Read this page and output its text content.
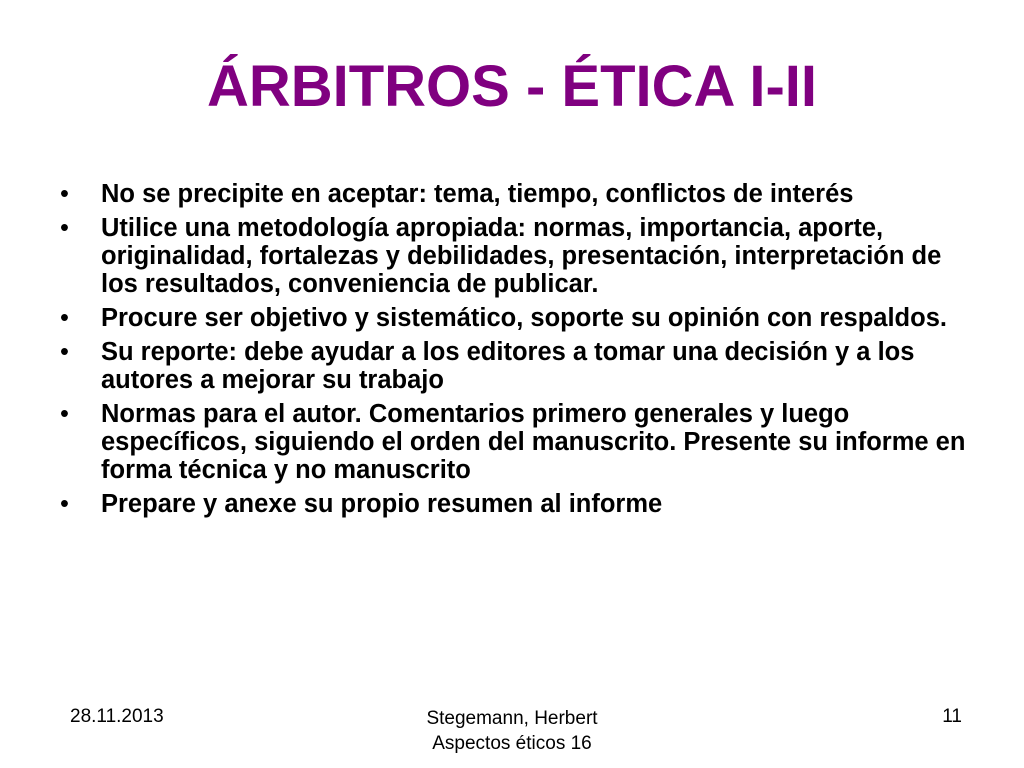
ÁRBITROS - ÉTICA I-II
• No se precipite en aceptar: tema, tiempo, conflictos de interés
• Utilice una metodología apropiada: normas, importancia, aporte, originalidad, fortalezas y debilidades, presentación, interpretación de los resultados, conveniencia de publicar.
• Procure ser objetivo y sistemático, soporte su opinión con respaldos.
• Su reporte: debe ayudar a los editores a tomar una decisión y a los autores a mejorar su trabajo
• Normas para el autor. Comentarios primero generales y luego específicos, siguiendo el orden del manuscrito. Presente su informe en forma técnica y no manuscrito
• Prepare y anexe su propio resumen al informe
28.11.2013	Stegemann, Herbert
Aspectos éticos 16
11
